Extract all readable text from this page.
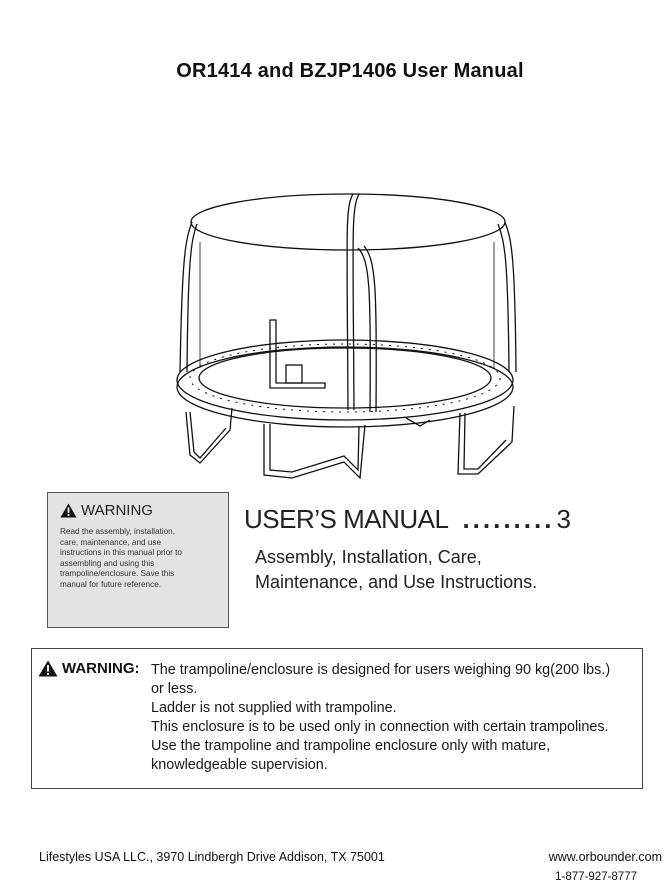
OR1414 and BZJP1406 User Manual
WARNING
Read the assembly, installation, care, maintenance, and use instructions in this manual prior to assembling and using this trampoline/enclosure. Save this manual for future reference.
USER’S MANUAL ......... 3
Assembly, Installation, Care,
Maintenance, and Use Instructions.
WARNING: The trampoline/enclosure is designed for users weighing 90 kg(200 lbs.)
or less.
Ladder is not supplied with trampoline.
This enclosure is to be used only in connection with certain trampolines.
Use the trampoline and trampoline enclosure only with mature,
knowledgeable supervision.
Lifestyles USA LLC., 3970 Lindbergh Drive Addison, TX 75001	www.orbounder.com
1-877-927-8777
